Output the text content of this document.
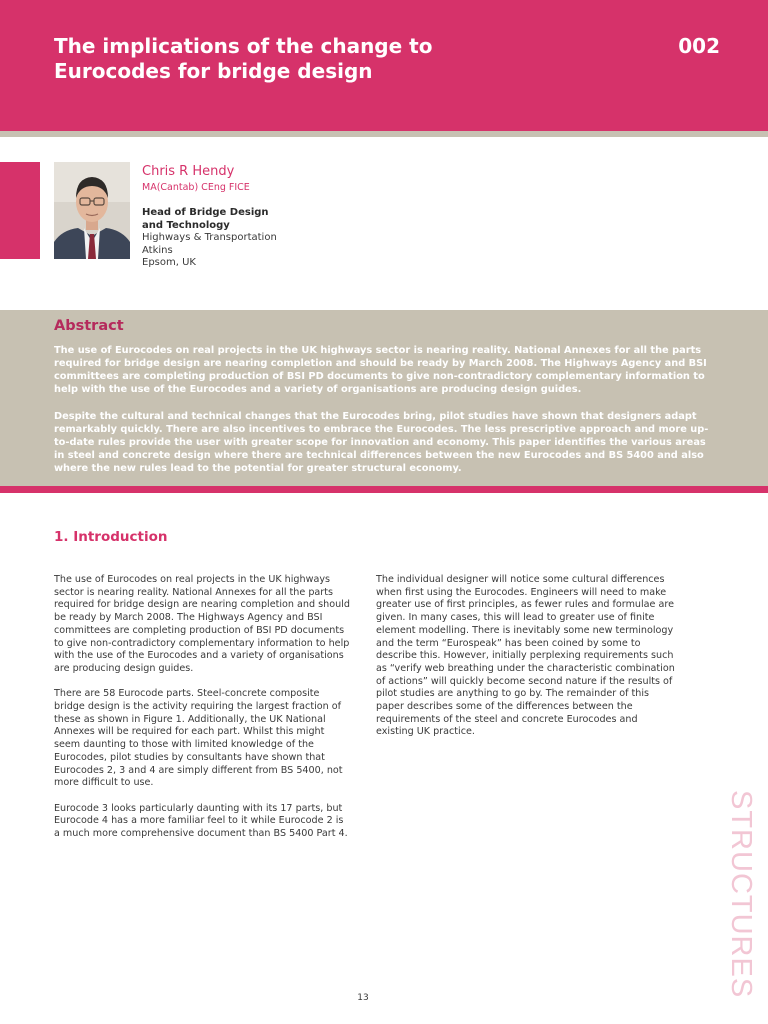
The implications of the change to
Eurocodes for bridge design
002
Chris R Hendy
MA(Cantab) CEng FICE
Head of Bridge Design and Technology
Highways & Transportation
Atkins
Epsom, UK
Abstract

The use of Eurocodes on real projects in the UK highways sector is nearing reality. National Annexes for all the parts required for bridge design are nearing completion and should be ready by March 2008. The Highways Agency and BSI committees are completing production of BSI PD documents to give non-contradictory complementary information to help with the use of the Eurocodes and a variety of organisations are producing design guides.

Despite the cultural and technical changes that the Eurocodes bring, pilot studies have shown that designers adapt remarkably quickly. There are also incentives to embrace the Eurocodes. The less prescriptive approach and more up-to-date rules provide the user with greater scope for innovation and economy. This paper identifies the various areas in steel and concrete design where there are technical differences between the new Eurocodes and BS 5400 and also where the new rules lead to the potential for greater structural economy.

1. Introduction

The use of Eurocodes on real projects in the UK highways sector is nearing reality. National Annexes for all the parts required for bridge design are nearing completion and should be ready by March 2008. The Highways Agency and BSI committees are completing production of BSI PD documents to give non-contradictory complementary information to help with the use of the Eurocodes and a variety of organisations are producing design guides.

There are 58 Eurocode parts. Steel-concrete composite bridge design is the activity requiring the largest fraction of these as shown in Figure 1. Additionally, the UK National Annexes will be required for each part. Whilst this might seem daunting to those with limited knowledge of the Eurocodes, pilot studies by consultants have shown that Eurocodes 2, 3 and 4 are simply different from BS 5400, not more difficult to use.

Eurocode 3 looks particularly daunting with its 17 parts, but Eurocode 4 has a more familiar feel to it while Eurocode 2 is a much more comprehensive document than BS 5400 Part 4.

The individual designer will notice some cultural differences when first using the Eurocodes. Engineers will need to make greater use of first principles, as fewer rules and formulae are given. In many cases, this will lead to greater use of finite element modelling. There is inevitably some new terminology and the term “Eurospeak” has been coined by some to describe this. However, initially perplexing requirements such as “verify web breathing under the characteristic combination of actions” will quickly become second nature if the results of pilot studies are anything to go by. The remainder of this paper describes some of the differences between the requirements of the steel and concrete Eurocodes and existing UK practice.

STRUCTURES
13
